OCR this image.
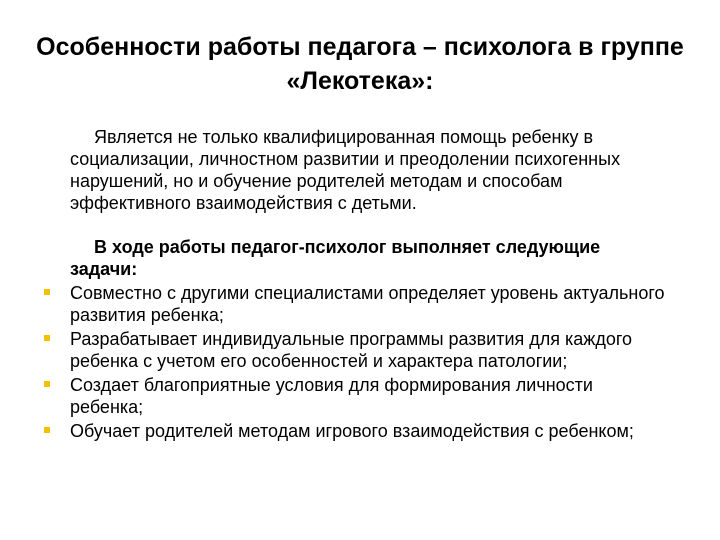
Особенности работы педагога – психолога в группе «Лекотека»:

Является не только квалифицированная помощь ребенку в социализации, личностном развитии и преодолении психогенных нарушений, но и обучение родителей методам и способам эффективного взаимодействия с детьми.

В ходе работы педагог-психолог выполняет следующие задачи:

Совместно с другими специалистами определяет уровень актуального развития ребенка;
Разрабатывает индивидуальные программы развития для каждого ребенка с учетом его особенностей и характера патологии;
Создает благоприятные условия для формирования личности ребенка;
Обучает родителей методам игрового взаимодействия с ребенком;
